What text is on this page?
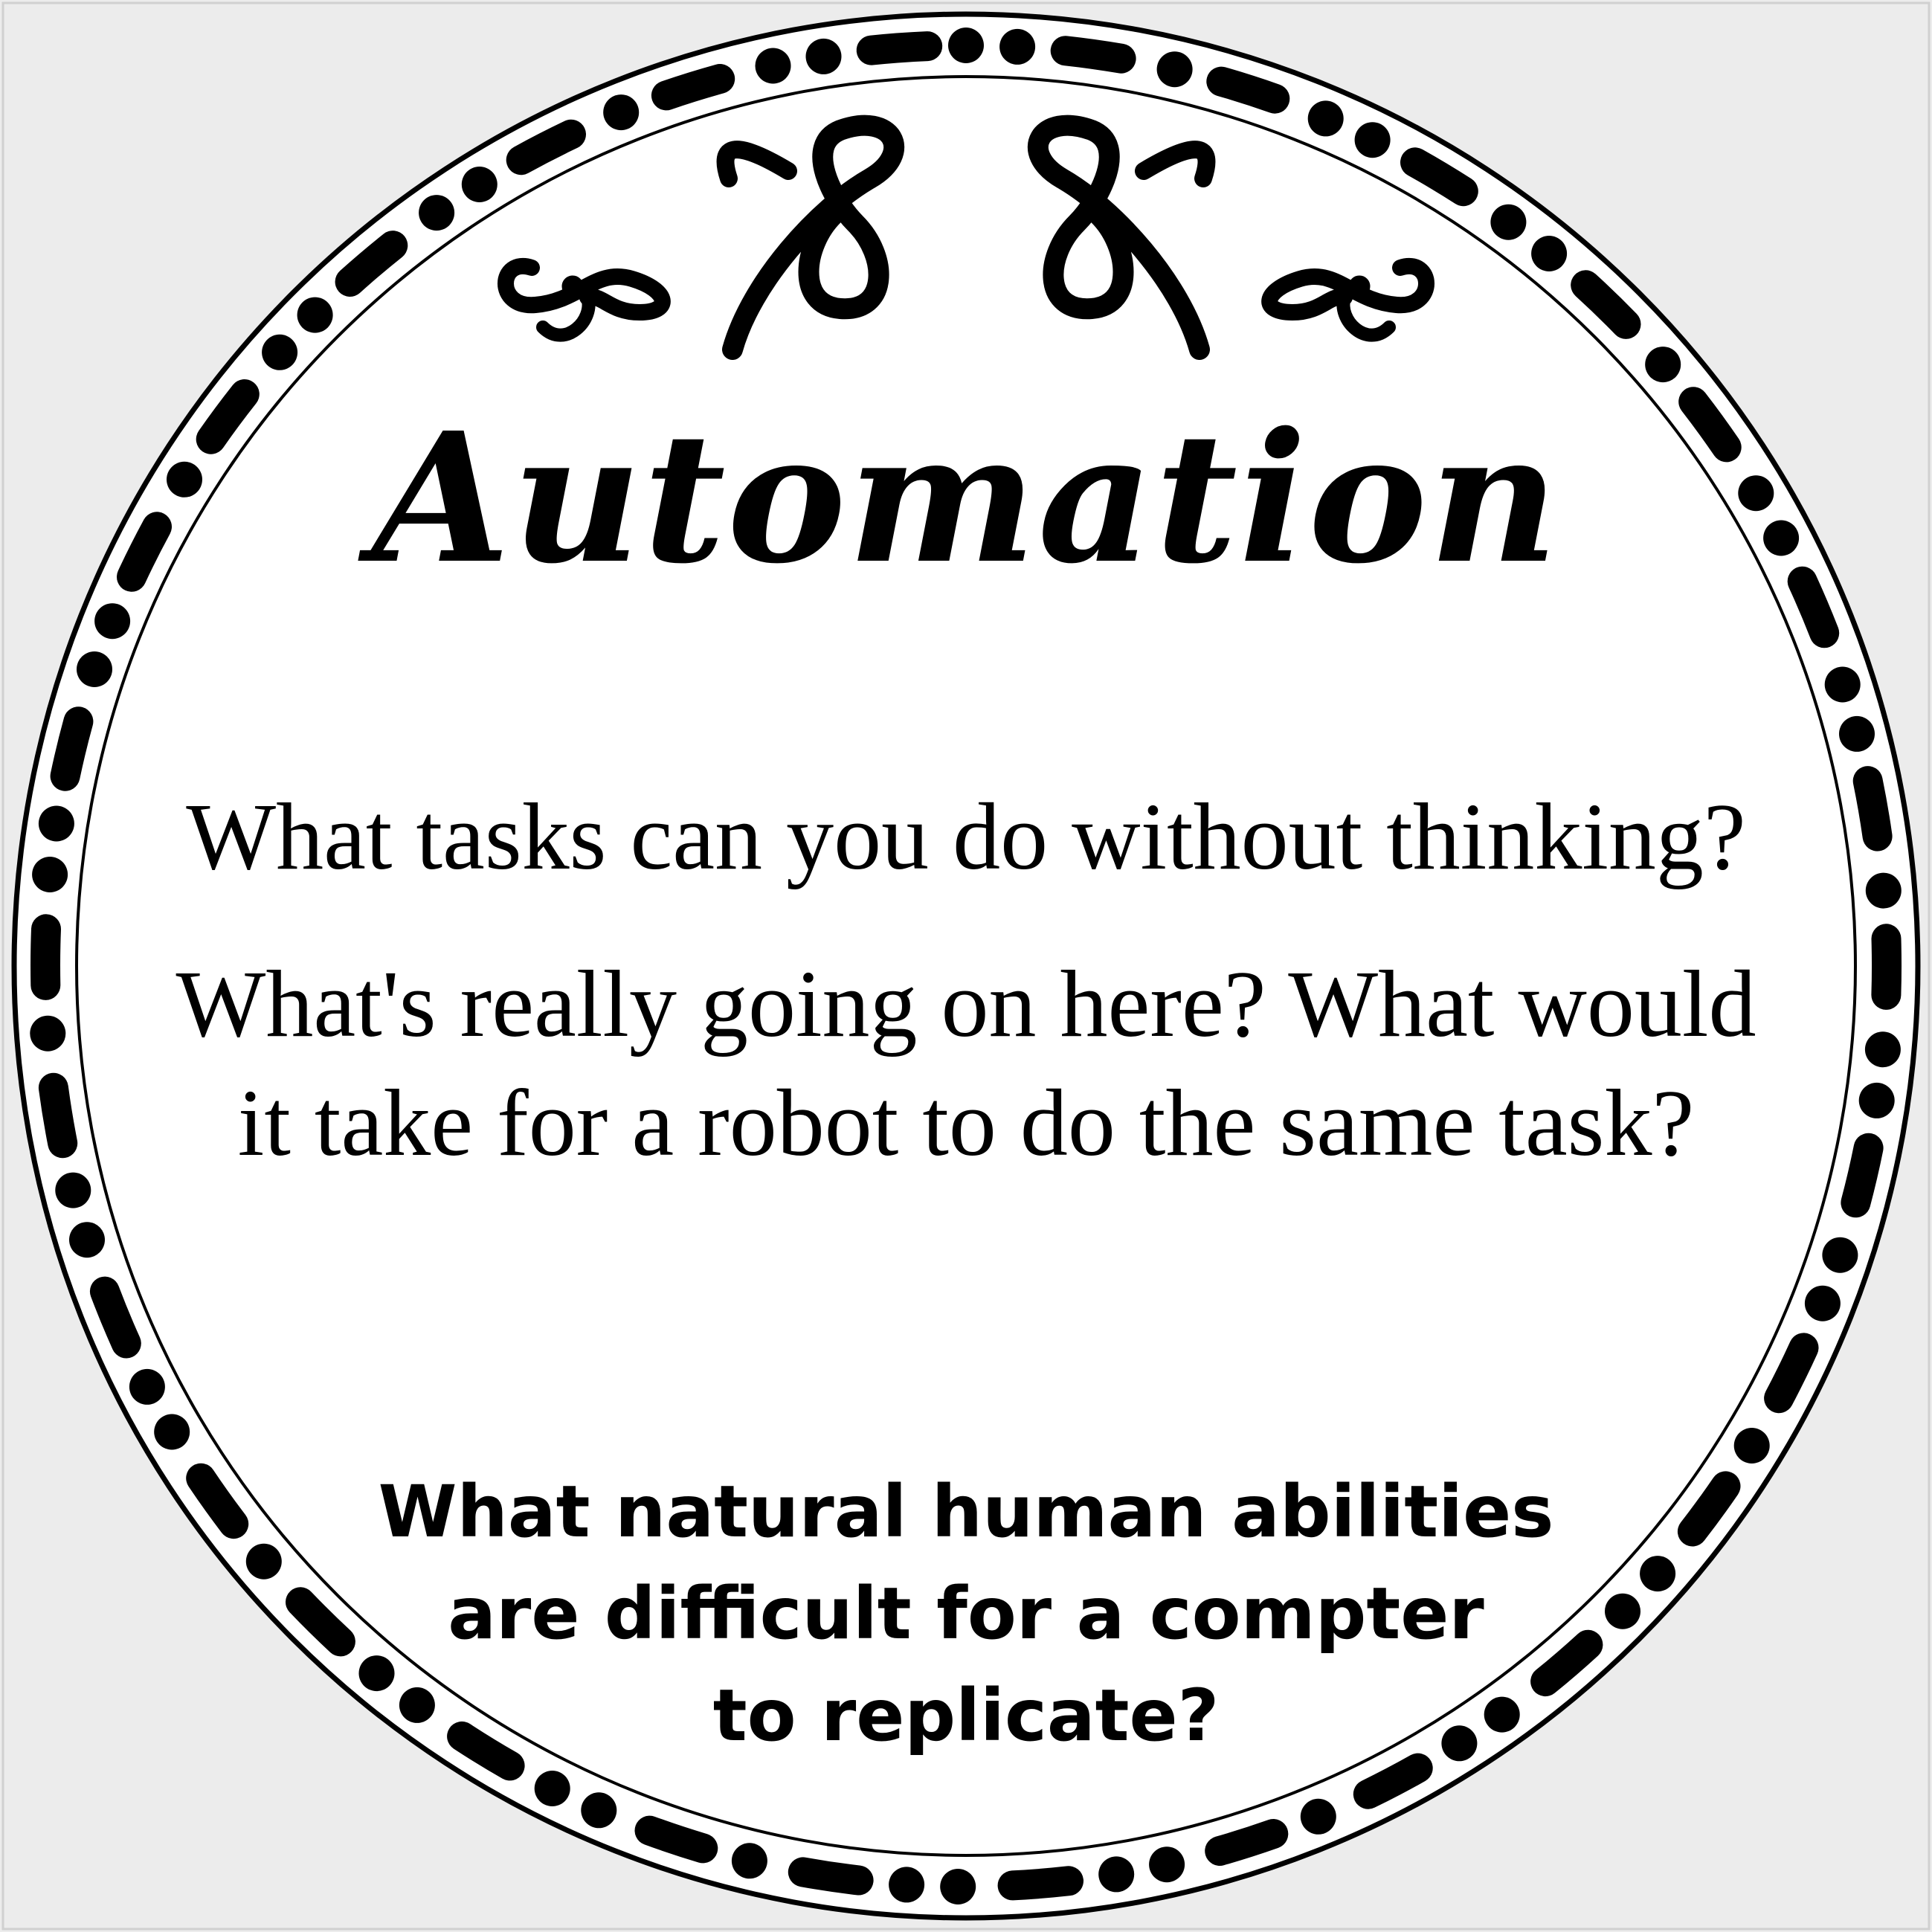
Automation

What tasks can you do without thinking?

What's really going on here? What would
it take for a robot to do the same task?

What natural human abilities
are difficult for a compter
to replicate?
